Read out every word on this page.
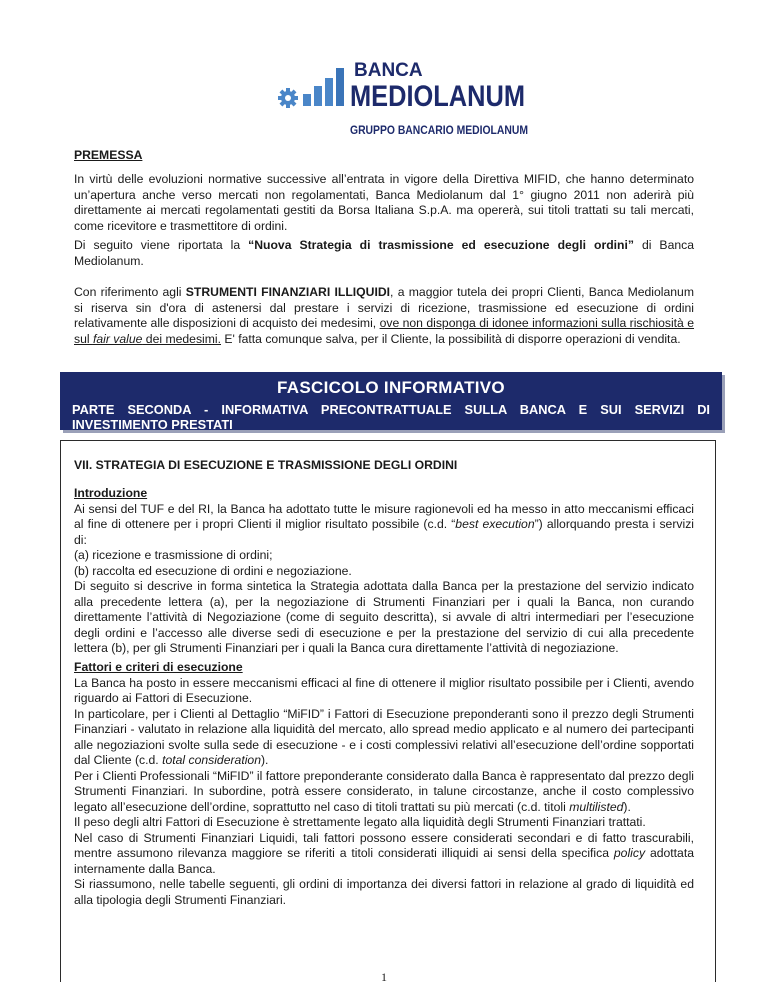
BANCA
MEDIOLANUM
GRUPPO BANCARIO MEDIOLANUM
PREMESSA
In virtù delle evoluzioni normative successive all’entrata in vigore della Direttiva MIFID, che hanno determinato un’apertura anche verso mercati non regolamentati, Banca Mediolanum dal 1° giugno 2011 non aderirà più direttamente ai mercati regolamentati gestiti da Borsa Italiana S.p.A. ma opererà, sui titoli trattati su tali mercati, come ricevitore e trasmettitore di ordini.
Di seguito viene riportata la “Nuova Strategia di trasmissione ed esecuzione degli ordini” di Banca Mediolanum.
Con riferimento agli STRUMENTI FINANZIARI ILLIQUIDI, a maggior tutela dei propri Clienti, Banca Mediolanum si riserva sin d'ora di astenersi dal prestare i servizi di ricezione, trasmissione ed esecuzione di ordini relativamente alle disposizioni di acquisto dei medesimi, ove non disponga di idonee informazioni sulla rischiosità e sul fair value dei medesimi. E' fatta comunque salva, per il Cliente, la possibilità di disporre operazioni di vendita.
FASCICOLO INFORMATIVO
PARTE SECONDA - INFORMATIVA PRECONTRATTUALE SULLA BANCA E SUI SERVIZI DI INVESTIMENTO PRESTATI
VII. STRATEGIA DI ESECUZIONE E TRASMISSIONE DEGLI ORDINI
Introduzione
Ai sensi del TUF e del RI, la Banca ha adottato tutte le misure ragionevoli ed ha messo in atto meccanismi efficaci al fine di ottenere per i propri Clienti il miglior risultato possibile (c.d. “best execution”) allorquando presta i servizi di:
(a) ricezione e trasmissione di ordini;
(b) raccolta ed esecuzione di ordini e negoziazione.
Di seguito si descrive in forma sintetica la Strategia adottata dalla Banca per la prestazione del servizio indicato alla precedente lettera (a), per la negoziazione di Strumenti Finanziari per i quali la Banca, non curando direttamente l’attività di Negoziazione (come di seguito descritta), si avvale di altri intermediari per l’esecuzione degli ordini e l’accesso alle diverse sedi di esecuzione e per la prestazione del servizio di cui alla precedente lettera (b), per gli Strumenti Finanziari per i quali la Banca cura direttamente l’attività di negoziazione.
Fattori e criteri di esecuzione
La Banca ha posto in essere meccanismi efficaci al fine di ottenere il miglior risultato possibile per i Clienti, avendo riguardo ai Fattori di Esecuzione.
In particolare, per i Clienti al Dettaglio “MiFID” i Fattori di Esecuzione preponderanti sono il prezzo degli Strumenti Finanziari - valutato in relazione alla liquidità del mercato, allo spread medio applicato e al numero dei partecipanti alle negoziazioni svolte sulla sede di esecuzione - e i costi complessivi relativi all’esecuzione dell’ordine sopportati dal Cliente (c.d. total consideration).
Per i Clienti Professionali “MiFID” il fattore preponderante considerato dalla Banca è rappresentato dal prezzo degli Strumenti Finanziari. In subordine, potrà essere considerato, in talune circostanze, anche il costo complessivo legato all’esecuzione dell’ordine, soprattutto nel caso di titoli trattati su più mercati (c.d. titoli multilisted).
Il peso degli altri Fattori di Esecuzione è strettamente legato alla liquidità degli Strumenti Finanziari trattati.
Nel caso di Strumenti Finanziari Liquidi, tali fattori possono essere considerati secondari e di fatto trascurabili, mentre assumono rilevanza maggiore se riferiti a titoli considerati illiquidi ai sensi della specifica policy adottata internamente dalla Banca.
Si riassumono, nelle tabelle seguenti, gli ordini di importanza dei diversi fattori in relazione al grado di liquidità ed alla tipologia degli Strumenti Finanziari.
1
